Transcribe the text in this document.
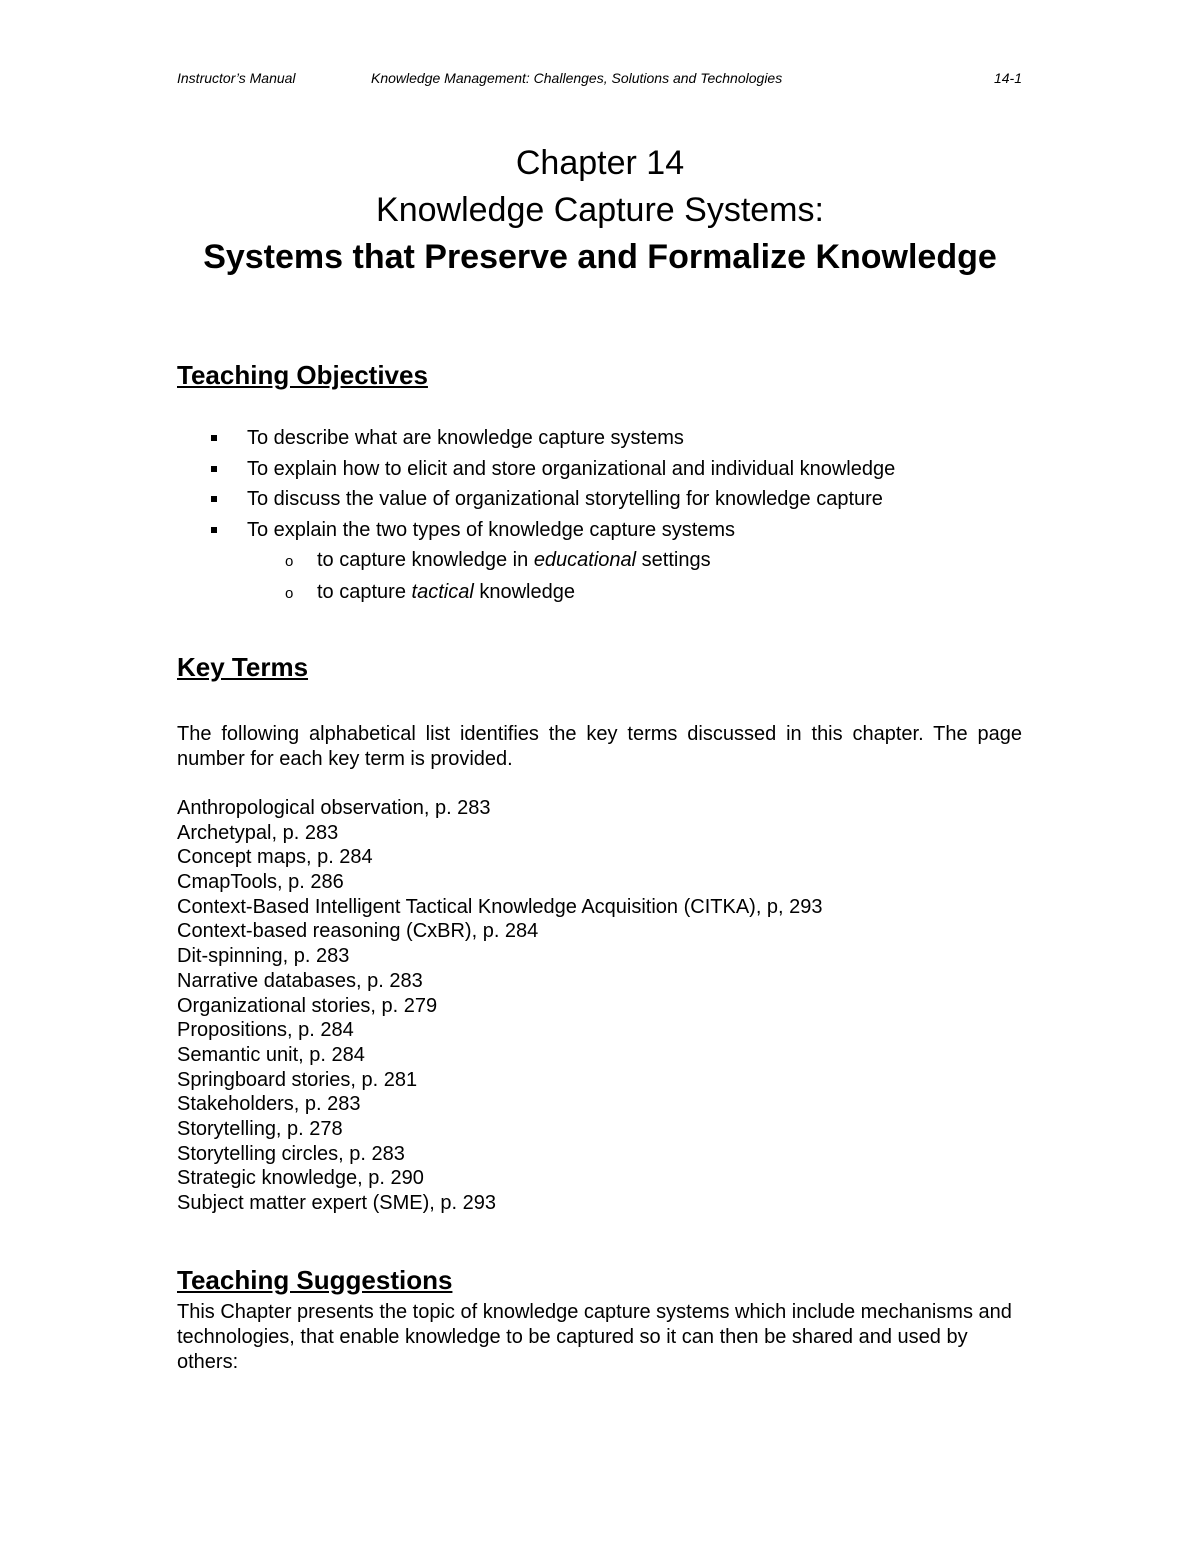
Instructor’s Manual	Knowledge Management: Challenges, Solutions and Technologies	14-1
Chapter 14
Knowledge Capture Systems:
Systems that Preserve and Formalize Knowledge
Teaching Objectives
To describe what are knowledge capture systems
To explain how to elicit and store organizational and individual knowledge
To discuss the value of organizational storytelling for knowledge capture
To explain the two types of knowledge capture systems
o to capture knowledge in educational settings
o to capture tactical knowledge
Key Terms
The following alphabetical list identifies the key terms discussed in this chapter. The page number for each key term is provided.
Anthropological observation, p. 283
Archetypal, p. 283
Concept maps, p. 284
CmapTools, p. 286
Context-Based Intelligent Tactical Knowledge Acquisition (CITKA), p, 293
Context-based reasoning (CxBR), p. 284
Dit-spinning, p. 283
Narrative databases, p. 283
Organizational stories, p. 279
Propositions, p. 284
Semantic unit, p. 284
Springboard stories, p. 281
Stakeholders, p. 283
Storytelling, p. 278
Storytelling circles, p. 283
Strategic knowledge, p. 290
Subject matter expert (SME), p. 293
Teaching Suggestions
This Chapter presents the topic of knowledge capture systems which include mechanisms and technologies, that enable knowledge to be captured so it can then be shared and used by others:
